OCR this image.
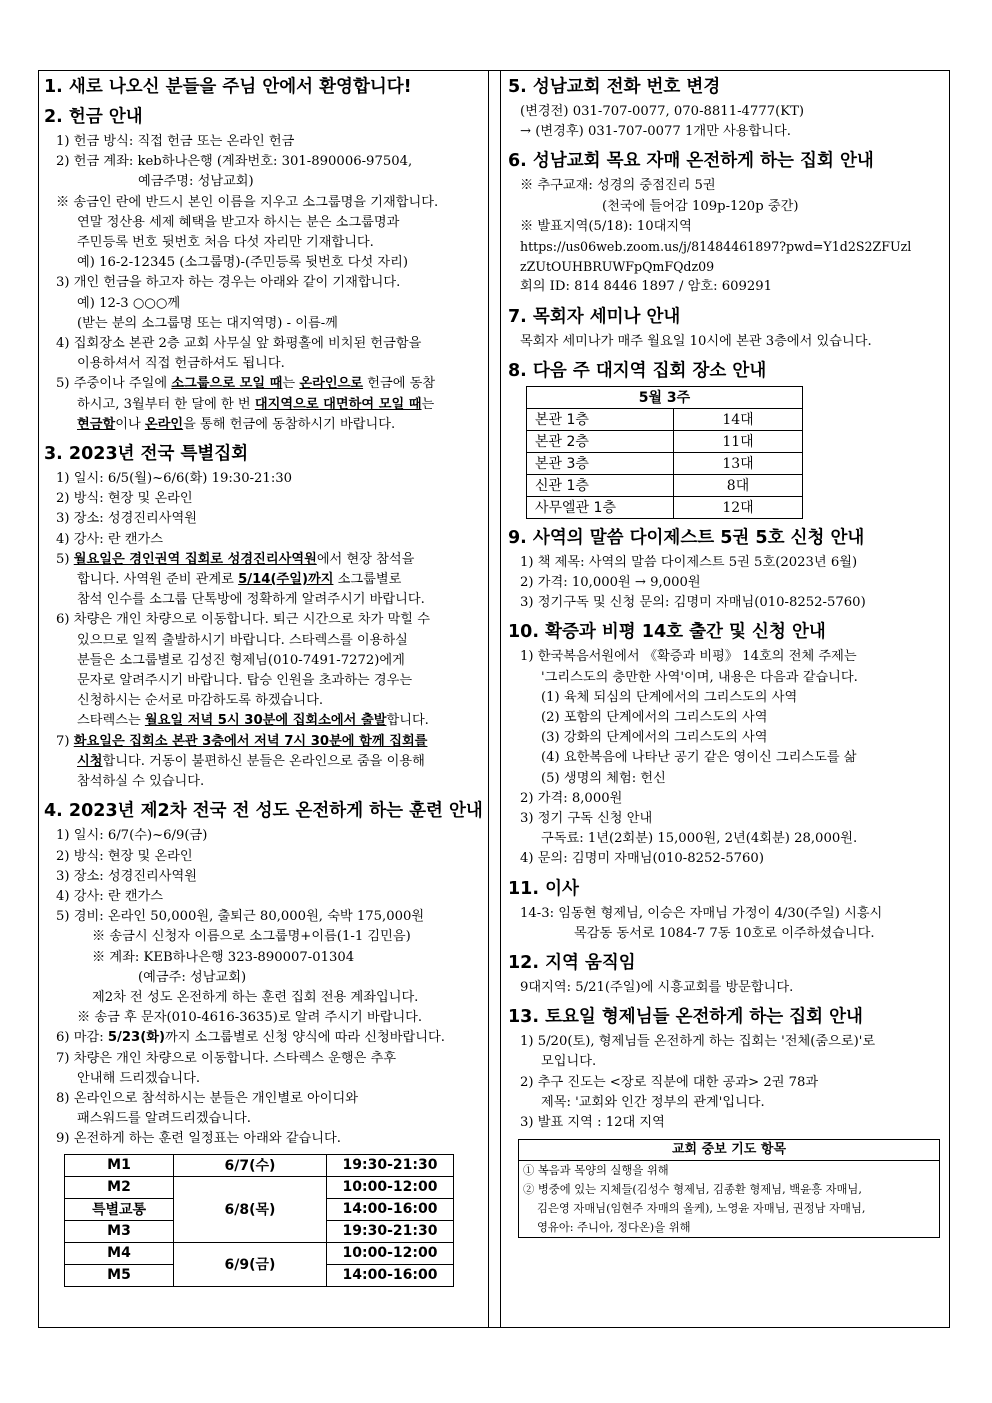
1. 새로 나오신 분들을 주님 안에서 환영합니다!
2. 헌금 안내
1) 헌금 방식: 직접 헌금 또는 온라인 헌금
2) 헌금 계좌: keb하나은행 (계좌번호: 301-890006-97504,
예금주명: 성남교회)
※ 송금인 란에 반드시 본인 이름을 지우고 소그룹명을 기재합니다.
연말 정산용 세제 혜택을 받고자 하시는 분은 소그룹명과
주민등록 번호 뒷번호 처음 다섯 자리만 기재합니다.
예) 16-2-12345 (소그룹명)-(주민등록 뒷번호 다섯 자리)
3) 개인 헌금을 하고자 하는 경우는 아래와 같이 기재합니다.
예) 12-3 ○○○께
(받는 분의 소그룹명 또는 대지역명) - 이름-께
4) 집회장소 본관 2층 교회 사무실 앞 화평홀에 비치된 헌금함을
이용하셔서 직접 헌금하셔도 됩니다.
5) 주중이나 주일에 소그룹으로 모일 때는 온라인으로 헌금에 동참
하시고, 3월부터 한 달에 한 번 대지역으로 대면하여 모일 때는
현금함이나 온라인을 통해 헌금에 동참하시기 바랍니다.
3. 2023년 전국 특별집회
1) 일시: 6/5(월)~6/6(화) 19:30-21:30
2) 방식: 현장 및 온라인
3) 장소: 성경진리사역원
4) 강사: 란 캔가스
5) 월요일은 경인권역 집회로 성경진리사역원에서 현장 참석을
합니다. 사역원 준비 관계로 5/14(주일)까지 소그룹별로
참석 인수를 소그룹 단톡방에 정확하게 알려주시기 바랍니다.
6) 차량은 개인 차량으로 이동합니다. 퇴근 시간으로 차가 막힐 수
있으므로 일찍 출발하시기 바랍니다. 스타렉스를 이용하실
분들은 소그룹별로 김성진 형제님(010-7491-7272)에게
문자로 알려주시기 바랍니다. 탑승 인원을 초과하는 경우는
신청하시는 순서로 마감하도록 하겠습니다.
스타렉스는 월요일 저녁 5시 30분에 집회소에서 출발합니다.
7) 화요일은 집회소 본관 3층에서 저녁 7시 30분에 함께 집회를
시청합니다. 거동이 불편하신 분들은 온라인으로 줌을 이용해
참석하실 수 있습니다.
4. 2023년 제2차 전국 전 성도 온전하게 하는 훈련 안내
1) 일시: 6/7(수)~6/9(금)
2) 방식: 현장 및 온라인
3) 장소: 성경진리사역원
4) 강사: 란 캔가스
5) 경비: 온라인 50,000원, 출퇴근 80,000원, 숙박 175,000원
※ 송금시 신청자 이름으로 소그룹명+이름(1-1 김민음)
※ 계좌: KEB하나은행 323-890007-01304
(예금주: 성남교회)
제2차 전 성도 온전하게 하는 훈련 집회 전용 계좌입니다.
※ 송금 후 문자(010-4616-3635)로 알려 주시기 바랍니다.
6) 마감: 5/23(화)까지 소그룹별로 신청 양식에 따라 신청바랍니다.
7) 차량은 개인 차량으로 이동합니다. 스타렉스 운행은 추후
안내해 드리겠습니다.
8) 온라인으로 참석하시는 분들은 개인별로 아이디와
패스워드를 알려드리겠습니다.
9) 온전하게 하는 훈련 일정표는 아래와 같습니다.
M1	6/7(수)	19:30-21:30
M2	6/8(목)	10:00-12:00
특별교통		14:00-16:00
M3		19:30-21:30
M4	6/9(금)	10:00-12:00
M5		14:00-16:00
5. 성남교회 전화 번호 변경
(변경전) 031-707-0077, 070-8811-4777(KT)
→ (변경후) 031-707-0077 1개만 사용합니다.
6. 성남교회 목요 자매 온전하게 하는 집회 안내
※ 추구교재: 성경의 중점진리 5권
(천국에 들어감 109p-120p 중간)
※ 발표지역(5/18): 10대지역
https://us06web.zoom.us/j/81484461897?pwd=Y1d2S2ZFUzl
zZUtOUHBRUWFpQmFQdz09
회의 ID: 814 8446 1897 / 암호: 609291
7. 목회자 세미나 안내
목회자 세미나가 매주 월요일 10시에 본관 3층에서 있습니다.
8. 다음 주 대지역 집회 장소 안내
5월 3주	
본관 1층	14대
본관 2층	11대
본관 3층	13대
신관 1층	8대
사무엘관 1층	12대
9. 사역의 말씀 다이제스트 5권 5호 신청 안내
1) 책 제목: 사역의 말씀 다이제스트 5권 5호(2023년 6월)
2) 가격: 10,000원 → 9,000원
3) 정기구독 및 신청 문의: 김명미 자매님(010-8252-5760)
10. 확증과 비평 14호 출간 및 신청 안내
1) 한국복음서원에서 《확증과 비평》 14호의 전체 주제는
'그리스도의 충만한 사역'이며, 내용은 다음과 같습니다.
(1) 육체 되심의 단계에서의 그리스도의 사역
(2) 포함의 단계에서의 그리스도의 사역
(3) 강화의 단계에서의 그리스도의 사역
(4) 요한복음에 나타난 공기 같은 영이신 그리스도를 삶
(5) 생명의 체험: 헌신
2) 가격: 8,000원
3) 정기 구독 신청 안내
구독료: 1년(2회분) 15,000원, 2년(4회분) 28,000원.
4) 문의: 김명미 자매님(010-8252-5760)
11. 이사
14-3: 임동현 형제님, 이승은 자매님 가정이 4/30(주일) 시흥시
목감동 동서로 1084-7 7동 10호로 이주하셨습니다.
12. 지역 움직임
9대지역: 5/21(주일)에 시흥교회를 방문합니다.
13. 토요일 형제님들 온전하게 하는 집회 안내
1) 5/20(토), 형제님들 온전하게 하는 집회는 '전체(줌으로)'로
모입니다.
2) 추구 진도는 <장로 직분에 대한 공과> 2권 78과
제목: '교회와 인간 정부의 관계'입니다.
3) 발표 지역 : 12대 지역
교회 중보 기도 항목
① 복음과 목양의 실행을 위해
② 병중에 있는 지체들(김성수 형제님, 김종환 형제님, 백윤흥 자매님,
김은영 자매님(임현주 자매의 올케), 노영윤 자매님, 권정남 자매님,
영유아: 주니아, 정다온)을 위해
